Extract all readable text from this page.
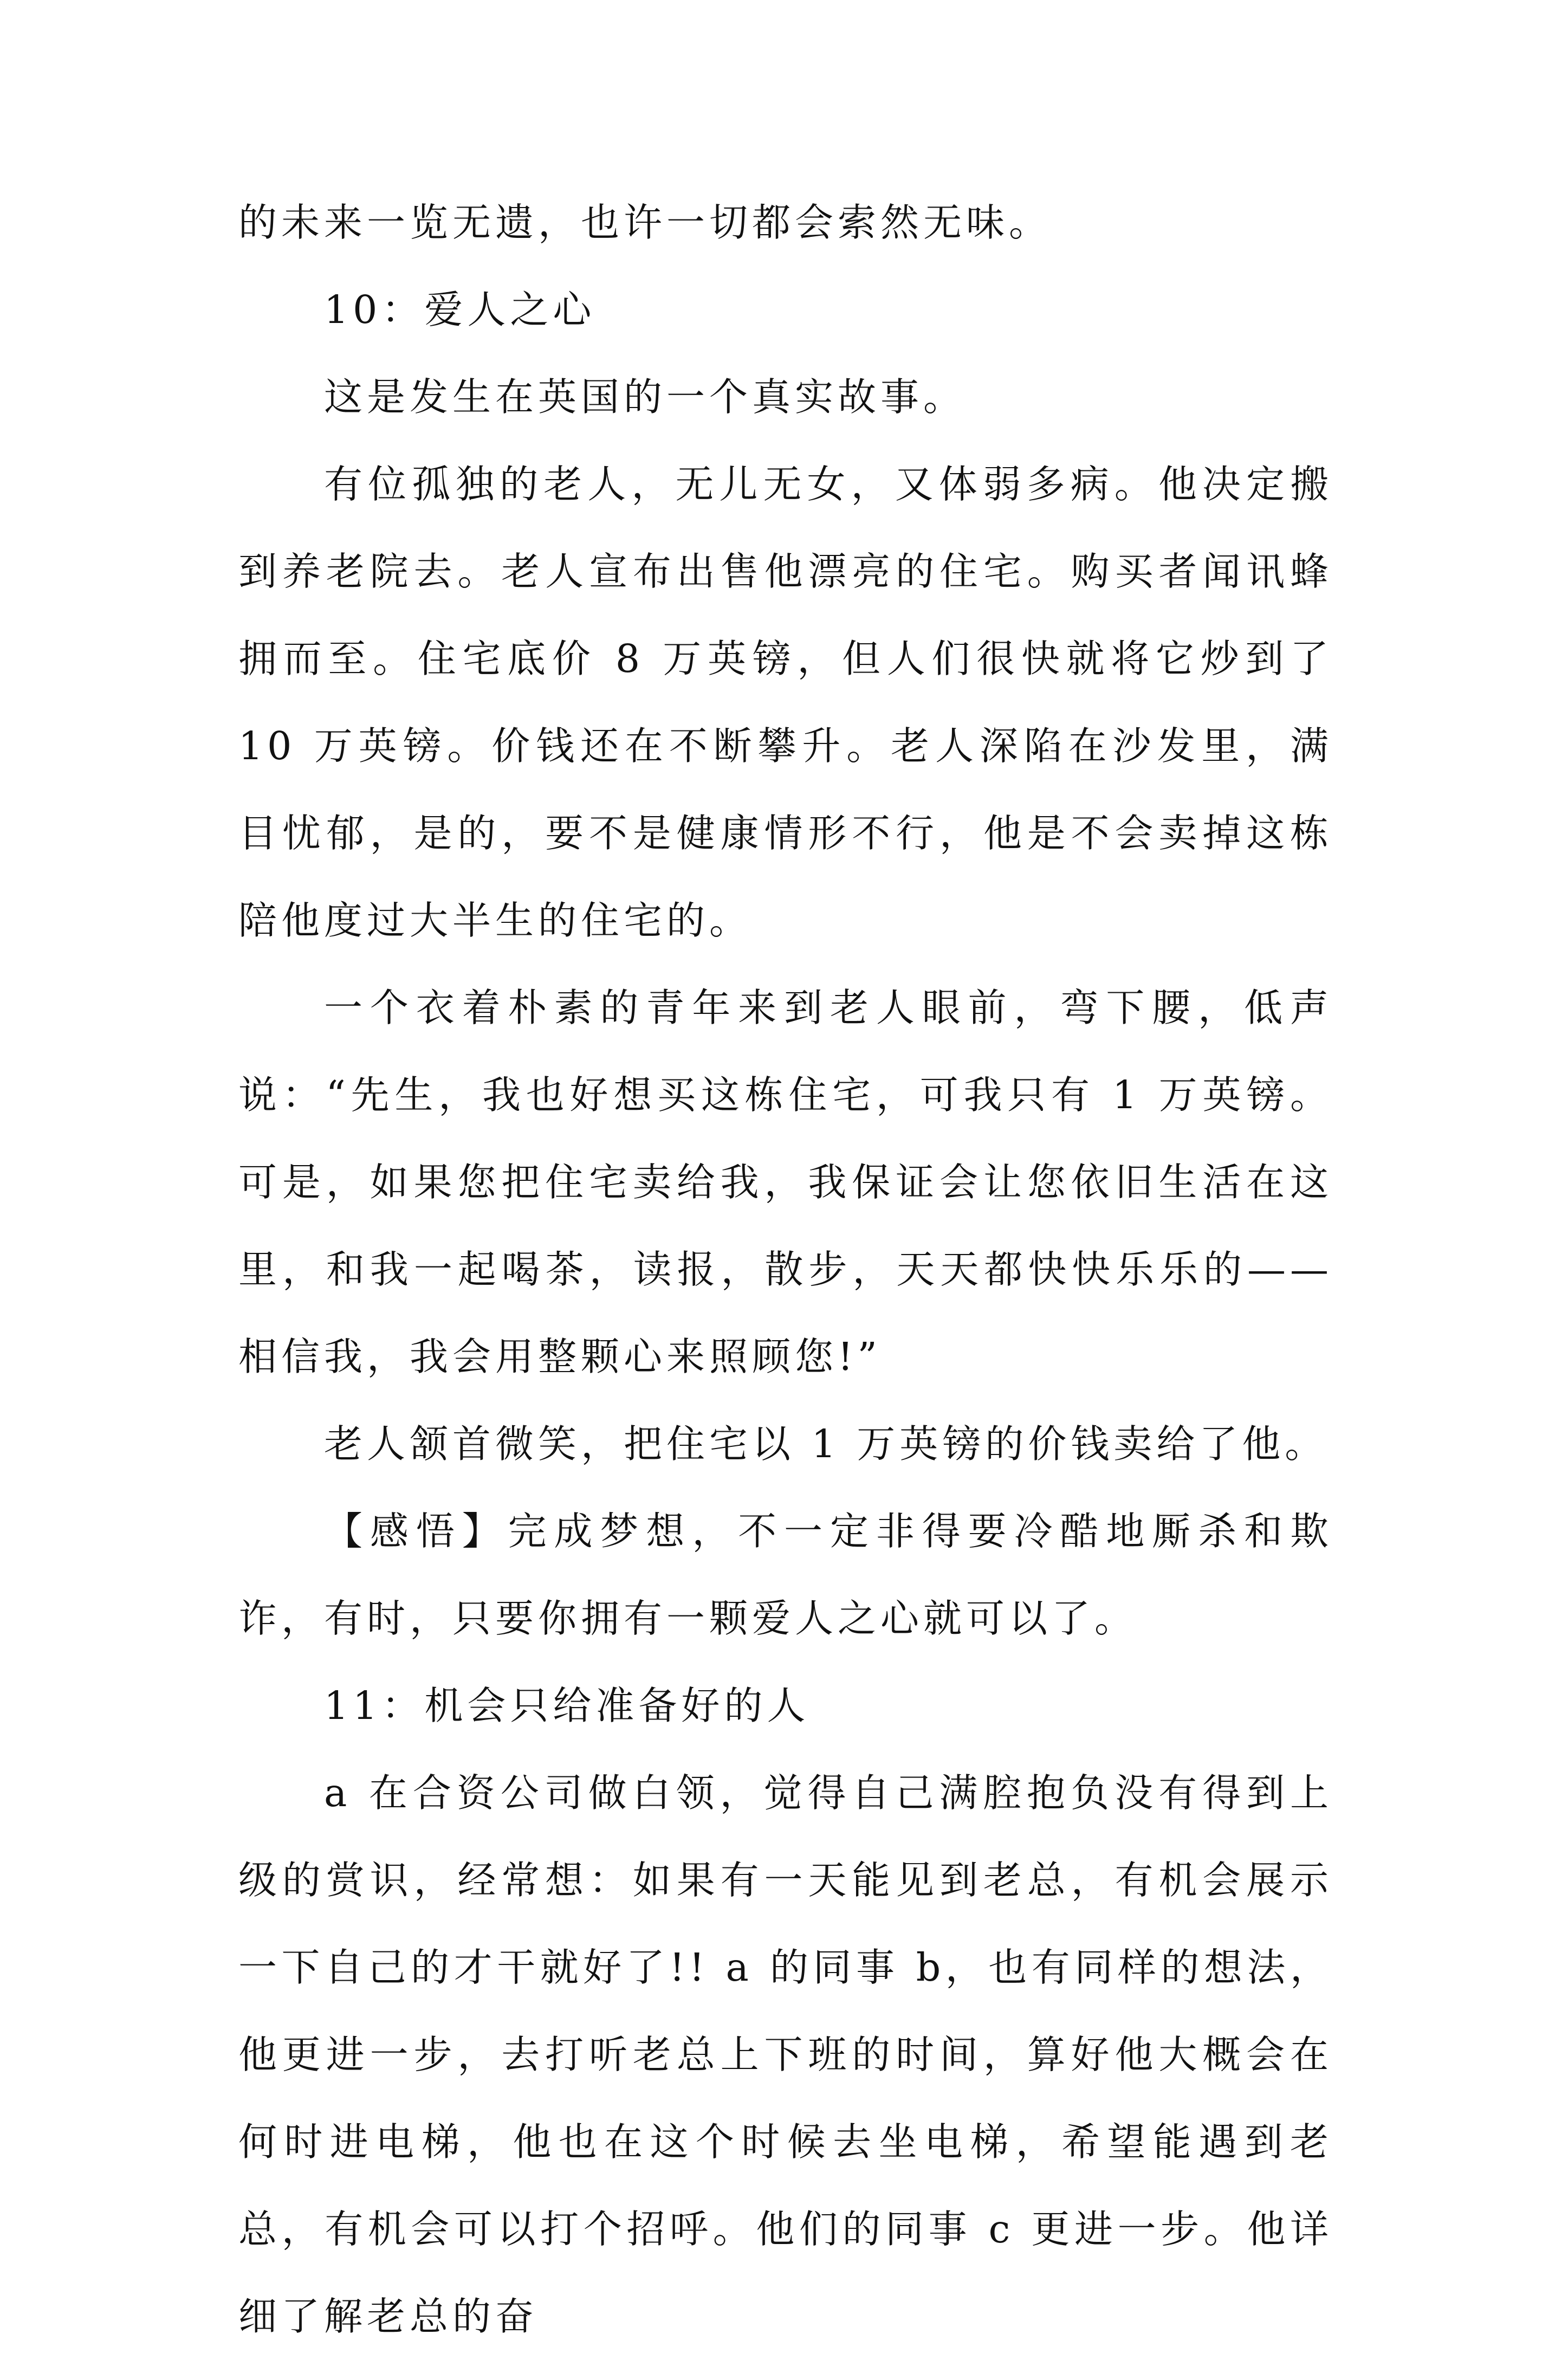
的未来一览无遗，也许一切都会索然无味。

10：爱人之心

这是发生在英国的一个真实故事。

有位孤独的老人，无儿无女，又体弱多病。他决定搬到养老院去。老人宣布出售他漂亮的住宅。购买者闻讯蜂拥而至。住宅底价 8 万英镑，但人们很快就将它炒到了 10 万英镑。价钱还在不断攀升。老人深陷在沙发里，满目忧郁，是的，要不是健康情形不行，他是不会卖掉这栋陪他度过大半生的住宅的。

一个衣着朴素的青年来到老人眼前，弯下腰，低声说：“先生，我也好想买这栋住宅，可我只有 1 万英镑。可是，如果您把住宅卖给我，我保证会让您依旧生活在这里，和我一起喝茶，读报，散步，天天都快快乐乐的——相信我，我会用整颗心来照顾您!”

老人颔首微笑，把住宅以 1 万英镑的价钱卖给了他。

【感悟】完成梦想，不一定非得要冷酷地厮杀和欺诈，有时，只要你拥有一颗爱人之心就可以了。

11：机会只给准备好的人

a 在合资公司做白领，觉得自己满腔抱负没有得到上级的赏识，经常想：如果有一天能见到老总，有机会展示一下自己的才干就好了!! a 的同事 b，也有同样的想法，他更进一步，去打听老总上下班的时间，算好他大概会在何时进电梯，他也在这个时候去坐电梯，希望能遇到老总，有机会可以打个招呼。他们的同事 c 更进一步。他详细了解老总的奋
